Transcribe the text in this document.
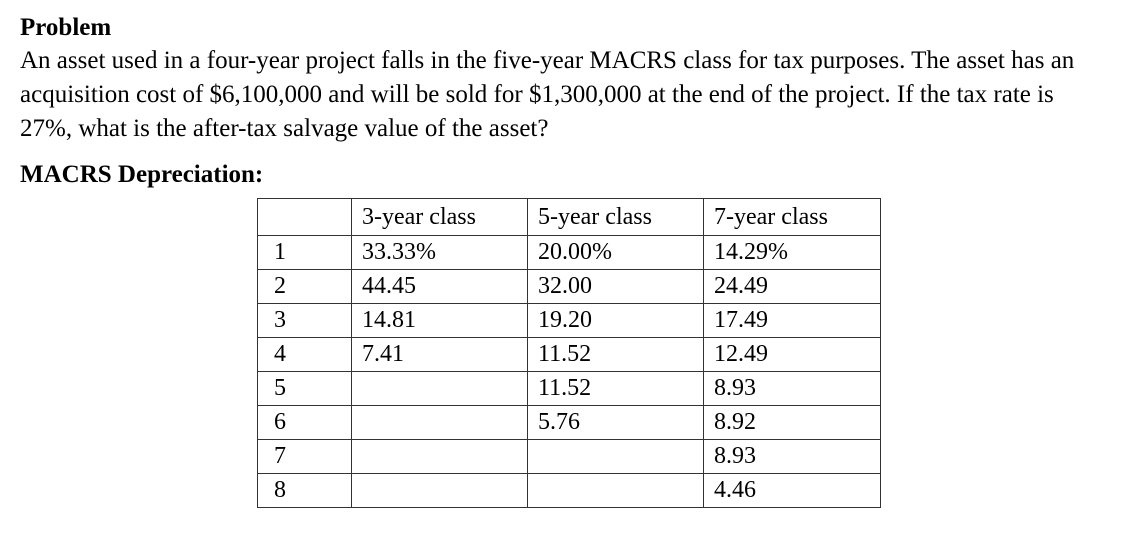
Problem

An asset used in a four-year project falls in the five-year MACRS class for tax purposes. The asset has an acquisition cost of $6,100,000 and will be sold for $1,300,000 at the end of the project. If the tax rate is 27%, what is the after-tax salvage value of the asset?

MACRS Depreciation:
	3-year class	5-year class	7-year class
1	33.33%	20.00%	14.29%
2	44.45	32.00	24.49
3	14.81	19.20	17.49
4	7.41	11.52	12.49
5		11.52	8.93
6		5.76	8.92
7			8.93
8			4.46
